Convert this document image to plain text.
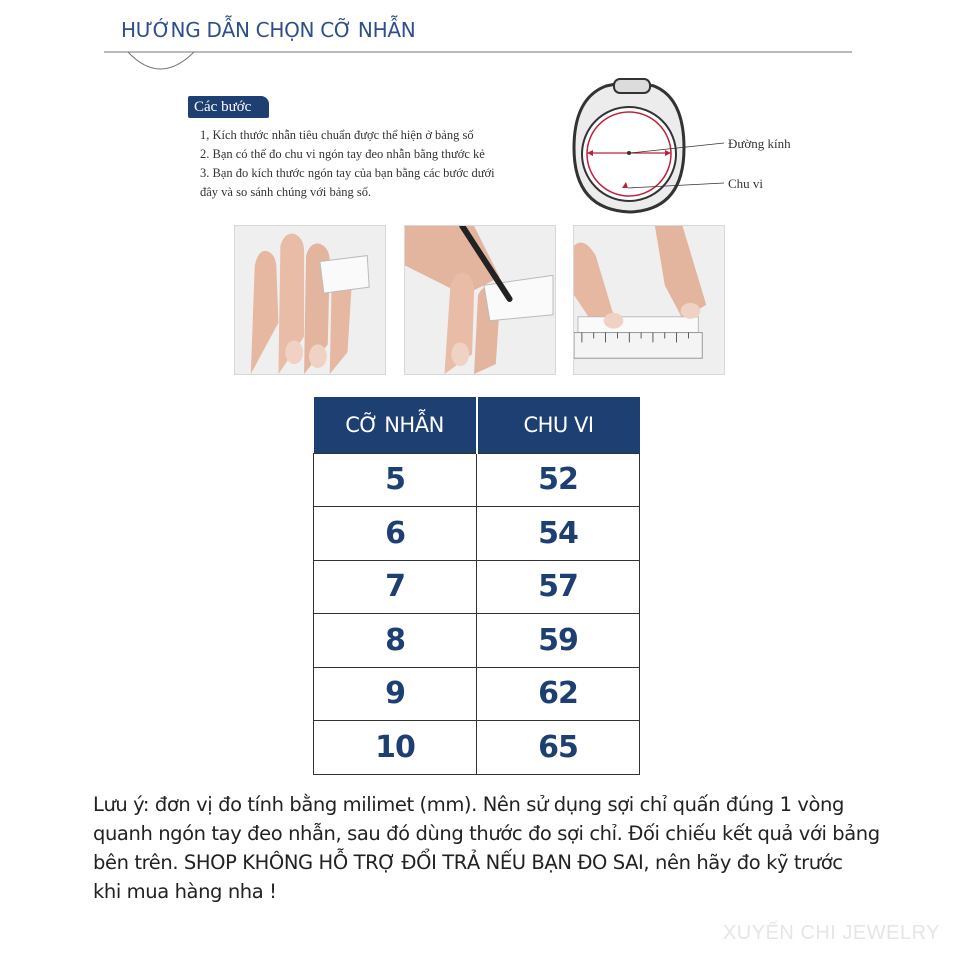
HƯỚNG DẪN CHỌN CỠ NHẪN
Các bước
1, Kích thước nhẫn tiêu chuẩn được thể hiện ở bảng số
2. Bạn có thể đo chu vi ngón tay đeo nhẫn bằng thước kẻ
3. Bạn đo kích thước ngón tay của bạn bằng các bước dưới
đây và so sánh chúng với bảng số.
Đường kính
Chu vi
CỠ NHẪN	CHU VI
5	52
6	54
7	57
8	59
9	62
10	65
Lưu ý: đơn vị đo tính bằng milimet (mm). Nên sử dụng sợi chỉ quấn đúng 1 vòng
quanh ngón tay đeo nhẫn, sau đó dùng thước đo sợi chỉ. Đối chiếu kết quả với bảng
bên trên. SHOP KHÔNG HỖ TRỢ ĐỔI TRẢ NẾU BẠN ĐO SAI, nên hãy đo kỹ trước
khi mua hàng nha !
XUYẾN CHI JEWELRY
